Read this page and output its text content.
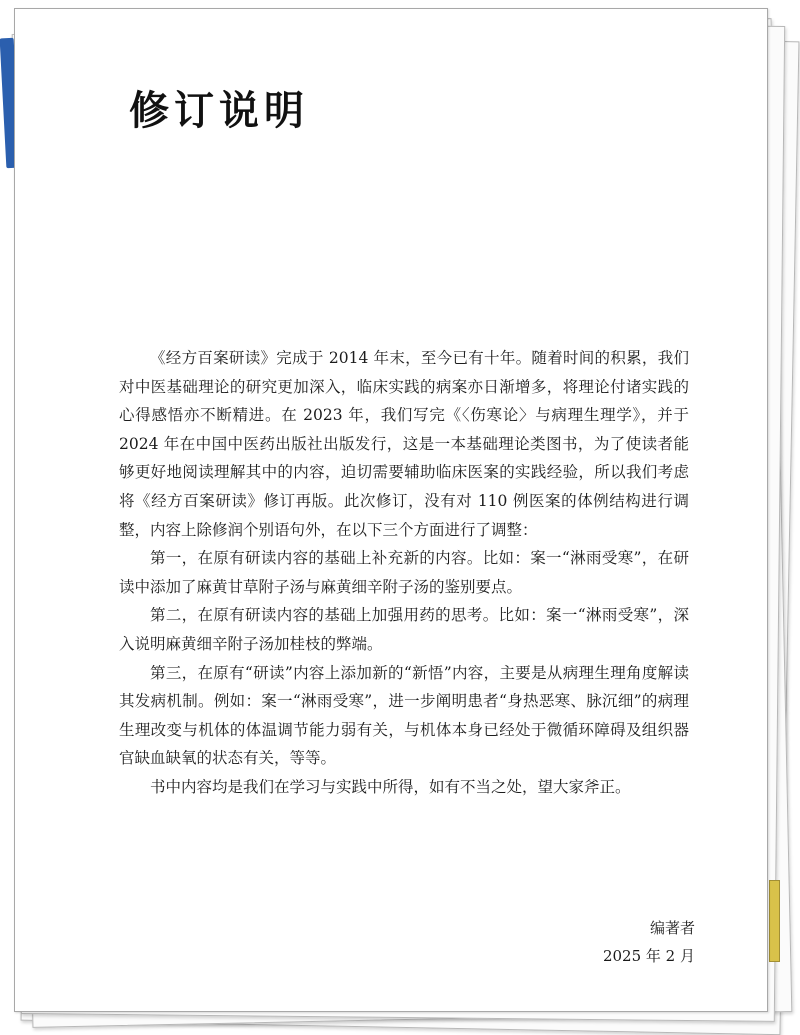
修订说明

《经方百案研读》完成于 2014 年末，至今已有十年。随着时间的积累，我们对中医基础理论的研究更加深入，临床实践的病案亦日渐增多，将理论付诸实践的心得感悟亦不断精进。在 2023 年，我们写完《〈伤寒论〉与病理生理学》，并于 2024 年在中国中医药出版社出版发行，这是一本基础理论类图书，为了使读者能够更好地阅读理解其中的内容，迫切需要辅助临床医案的实践经验，所以我们考虑将《经方百案研读》修订再版。此次修订，没有对 110 例医案的体例结构进行调整，内容上除修润个别语句外，在以下三个方面进行了调整：

第一，在原有研读内容的基础上补充新的内容。比如：案一“淋雨受寒”，在研读中添加了麻黄甘草附子汤与麻黄细辛附子汤的鉴别要点。

第二，在原有研读内容的基础上加强用药的思考。比如：案一“淋雨受寒”，深入说明麻黄细辛附子汤加桂枝的弊端。

第三，在原有“研读”内容上添加新的“新悟”内容，主要是从病理生理角度解读其发病机制。例如：案一“淋雨受寒”，进一步阐明患者“身热恶寒、脉沉细”的病理生理改变与机体的体温调节能力弱有关，与机体本身已经处于微循环障碍及组织器官缺血缺氧的状态有关，等等。

书中内容均是我们在学习与实践中所得，如有不当之处，望大家斧正。

编著者
2025 年 2 月
